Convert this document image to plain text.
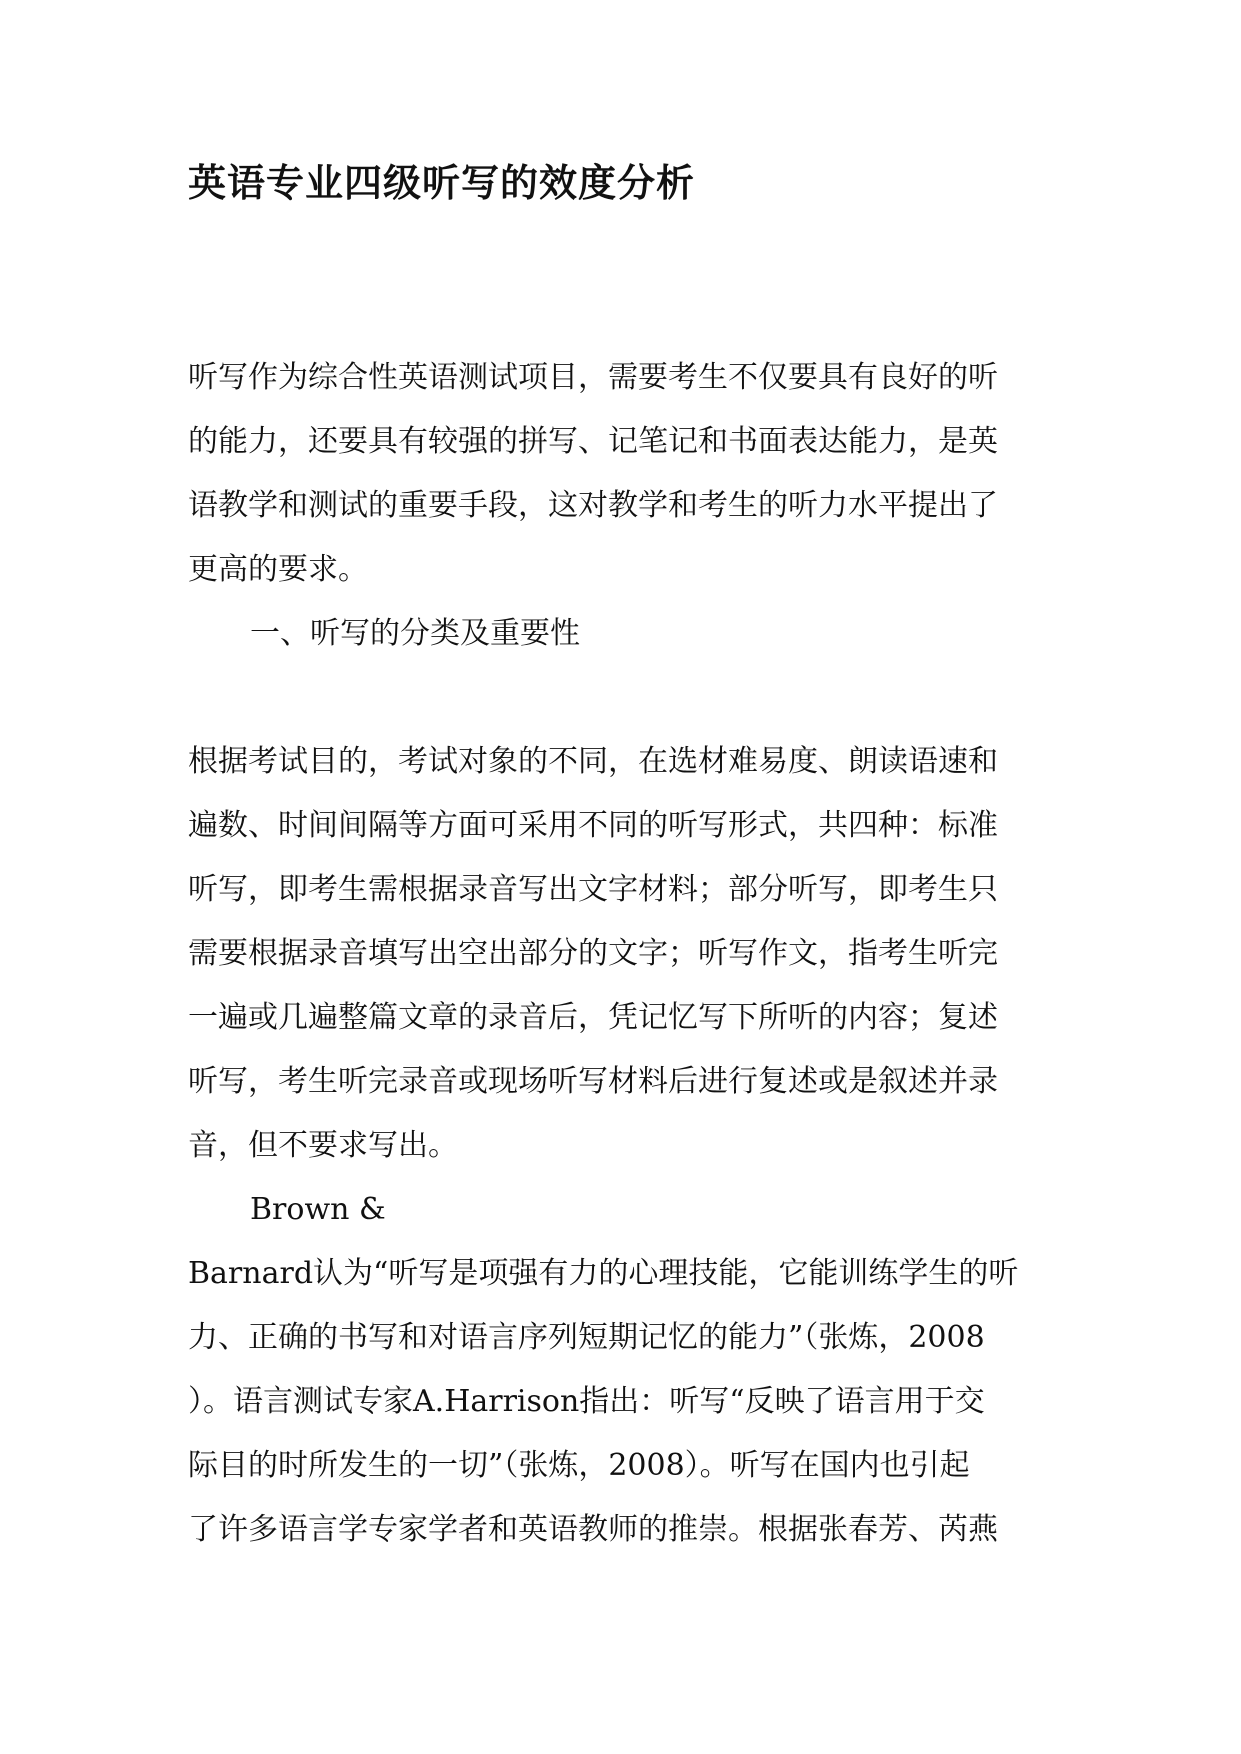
英语专业四级听写的效度分析

听写作为综合性英语测试项目，需要考生不仅要具有良好的听

的能力，还要具有较强的拼写、记笔记和书面表达能力，是英

语教学和测试的重要手段，这对教学和考生的听力水平提出了

更高的要求。

一、听写的分类及重要性

根据考试目的，考试对象的不同，在选材难易度、朗读语速和

遍数、时间间隔等方面可采用不同的听写形式，共四种：标准

听写，即考生需根据录音写出文字材料；部分听写，即考生只

需要根据录音填写出空出部分的文字；听写作文，指考生听完

一遍或几遍整篇文章的录音后，凭记忆写下所听的内容；复述

听写，考生听完录音或现场听写材料后进行复述或是叙述并录

音，但不要求写出。

Brown &

Barnard认为“听写是项强有力的心理技能，它能训练学生的听

力、正确的书写和对语言序列短期记忆的能力”（张炼，2008

）。语言测试专家A.Harrison指出：听写“反映了语言用于交

际目的时所发生的一切”（张炼，2008）。听写在国内也引起

了许多语言学专家学者和英语教师的推崇。根据张春芳、芮燕
